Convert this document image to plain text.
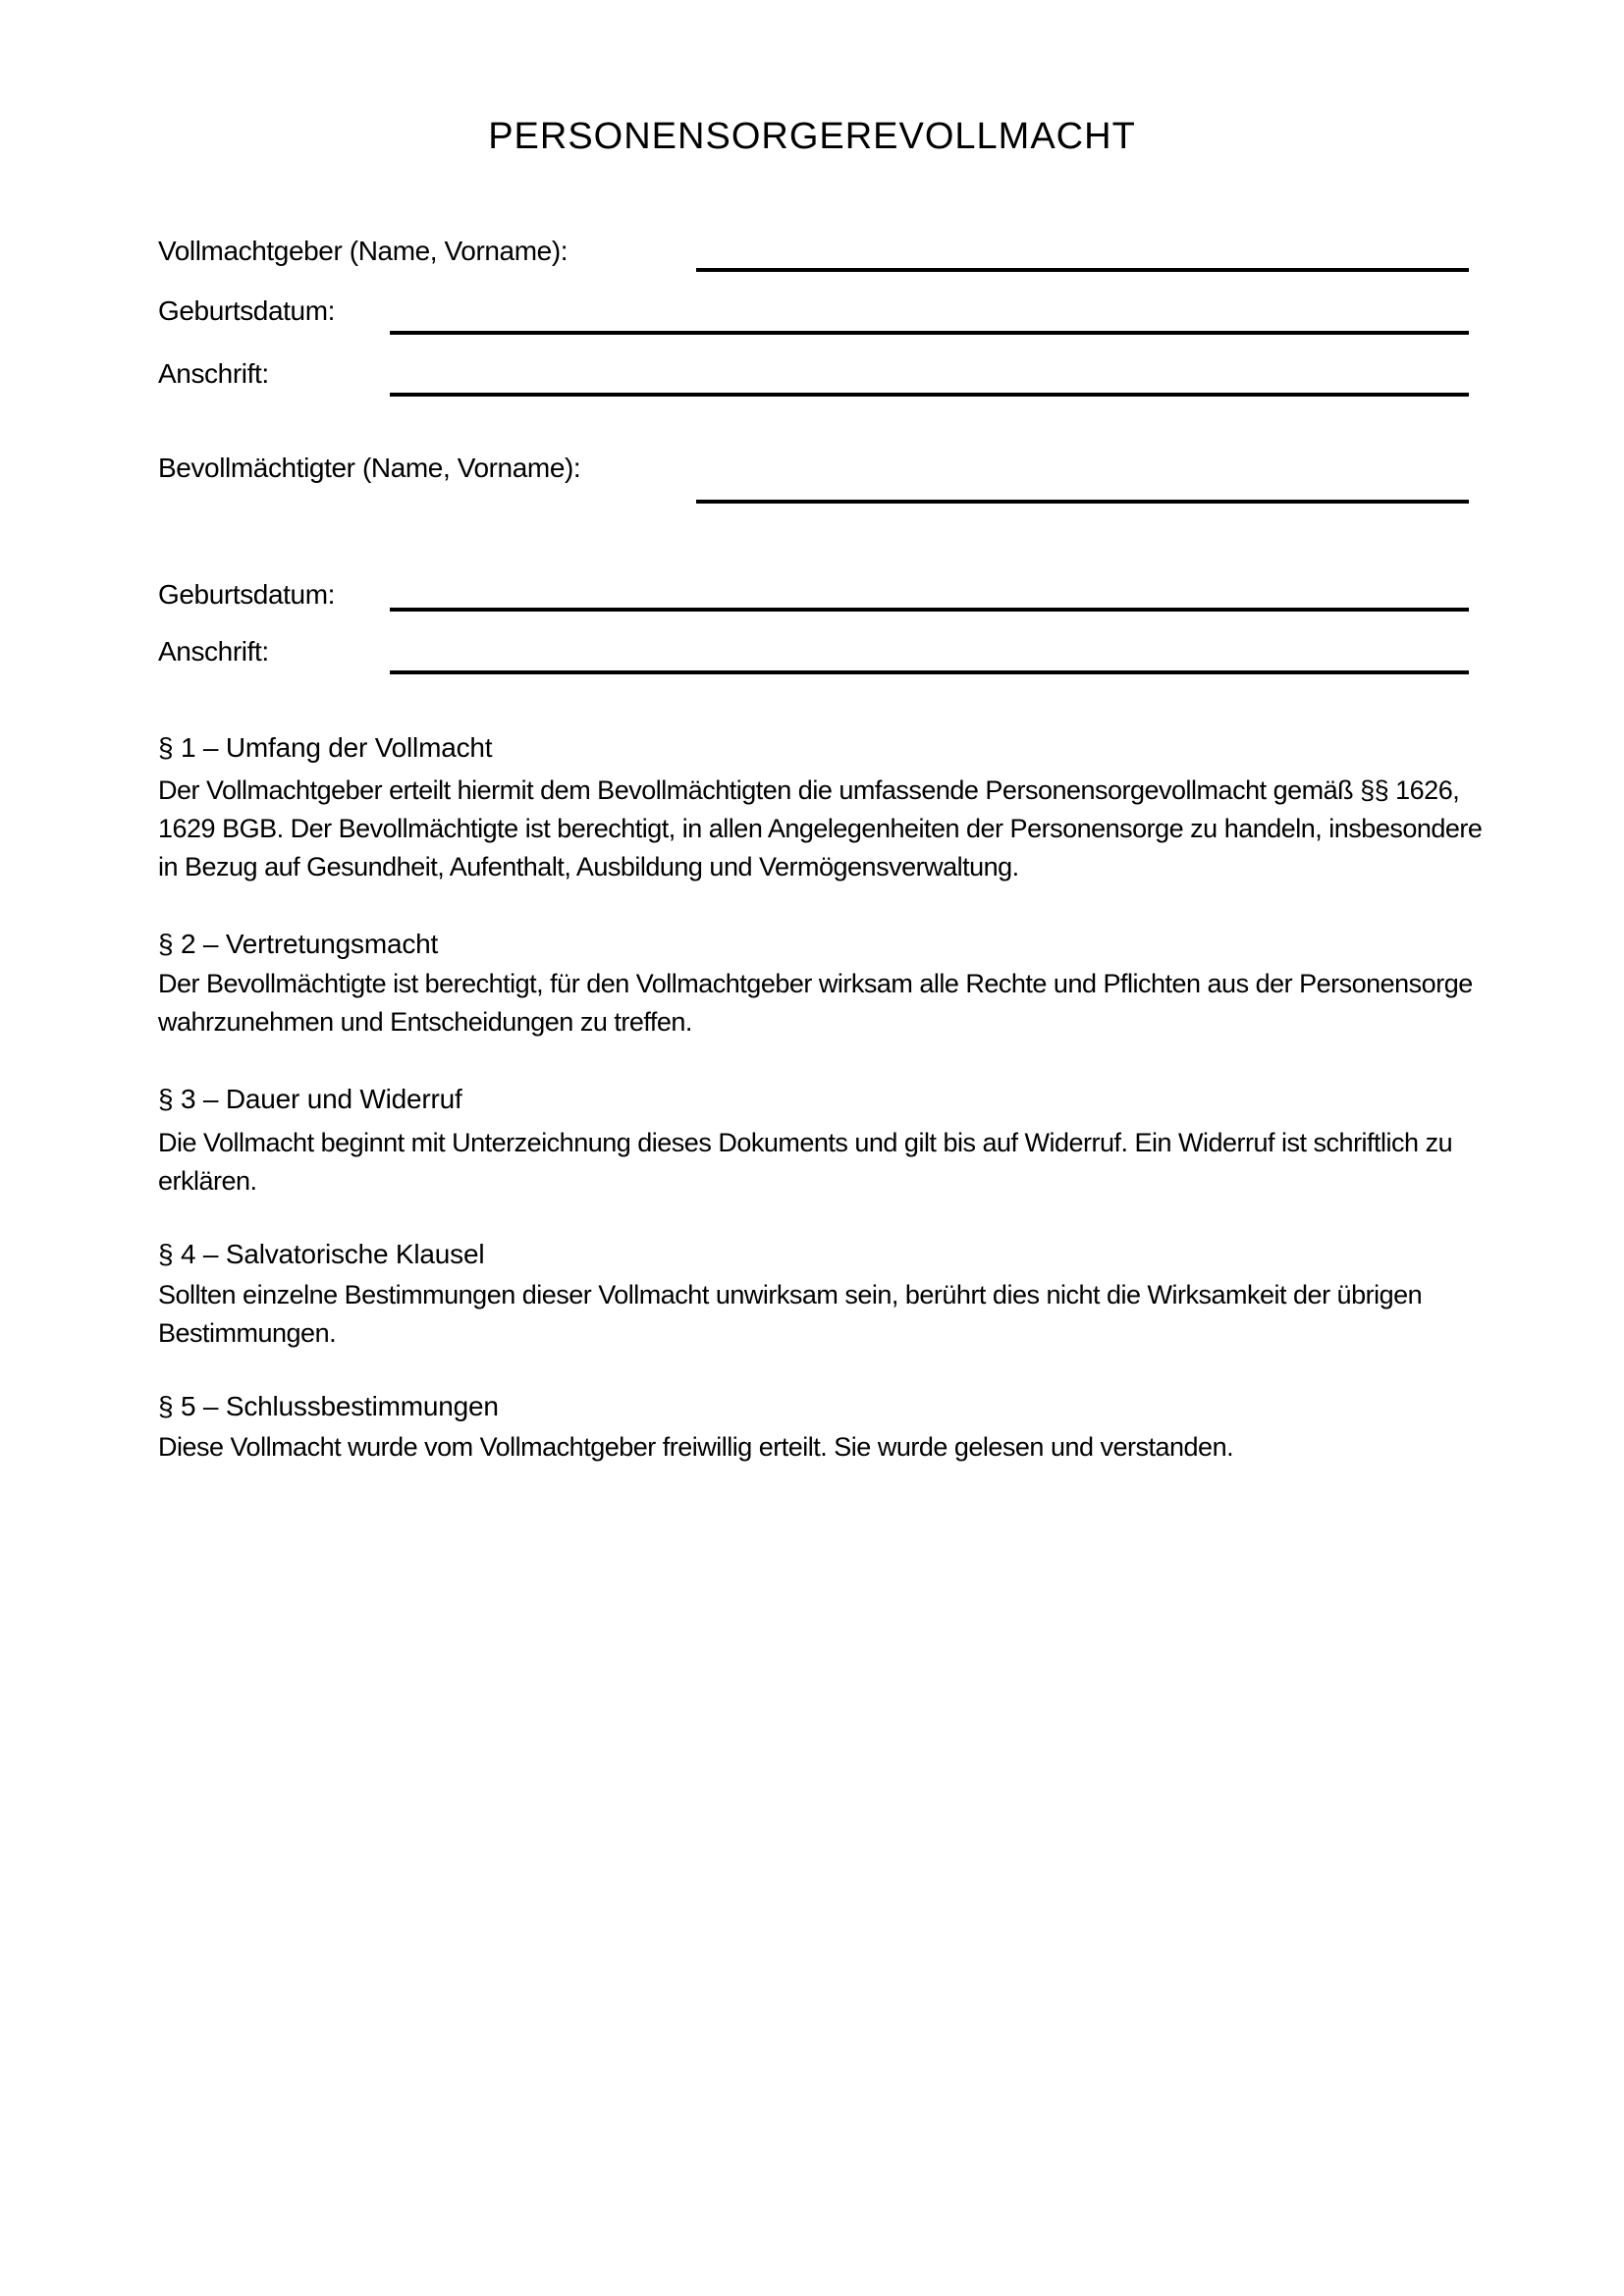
PERSONENSORGEREVOLLMACHT
Vollmachtgeber (Name, Vorname):
Geburtsdatum:
Anschrift:
Bevollmächtigter (Name, Vorname):
Geburtsdatum:
Anschrift:
§ 1 – Umfang der Vollmacht

Der Vollmachtgeber erteilt hiermit dem Bevollmächtigten die umfassende Personensorgevollmacht gemäß §§ 1626, 1629 BGB. Der Bevollmächtigte ist berechtigt, in allen Angelegenheiten der Personensorge zu handeln, insbesondere in Bezug auf Gesundheit, Aufenthalt, Ausbildung und Vermögensverwaltung.

§ 2 – Vertretungsmacht

Der Bevollmächtigte ist berechtigt, für den Vollmachtgeber wirksam alle Rechte und Pflichten aus der Personensorge wahrzunehmen und Entscheidungen zu treffen.

§ 3 – Dauer und Widerruf

Die Vollmacht beginnt mit Unterzeichnung dieses Dokuments und gilt bis auf Widerruf. Ein Widerruf ist schriftlich zu erklären.

§ 4 – Salvatorische Klausel

Sollten einzelne Bestimmungen dieser Vollmacht unwirksam sein, berührt dies nicht die Wirksamkeit der übrigen Bestimmungen.

§ 5 – Schlussbestimmungen

Diese Vollmacht wurde vom Vollmachtgeber freiwillig erteilt. Sie wurde gelesen und verstanden.
